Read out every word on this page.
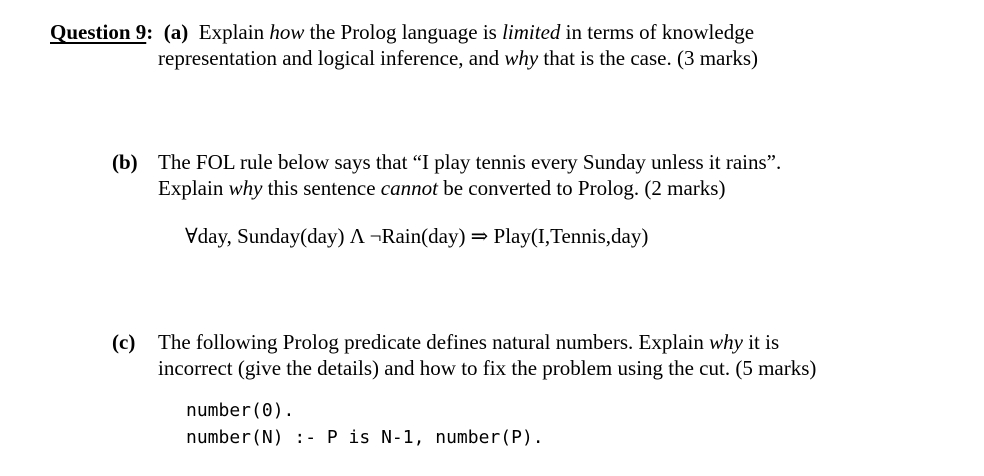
Question 9: (a) Explain how the Prolog language is limited in terms of knowledge
representation and logical inference, and why that is the case. (3 marks)
(b) The FOL rule below says that “I play tennis every Sunday unless it rains”.
Explain why this sentence cannot be converted to Prolog. (2 marks)
∀day, Sunday(day) Λ ¬Rain(day) ⇒ Play(I,Tennis,day)
(c) The following Prolog predicate defines natural numbers. Explain why it is
incorrect (give the details) and how to fix the problem using the cut. (5 marks)
number(0).
number(N) :- P is N-1, number(P).
